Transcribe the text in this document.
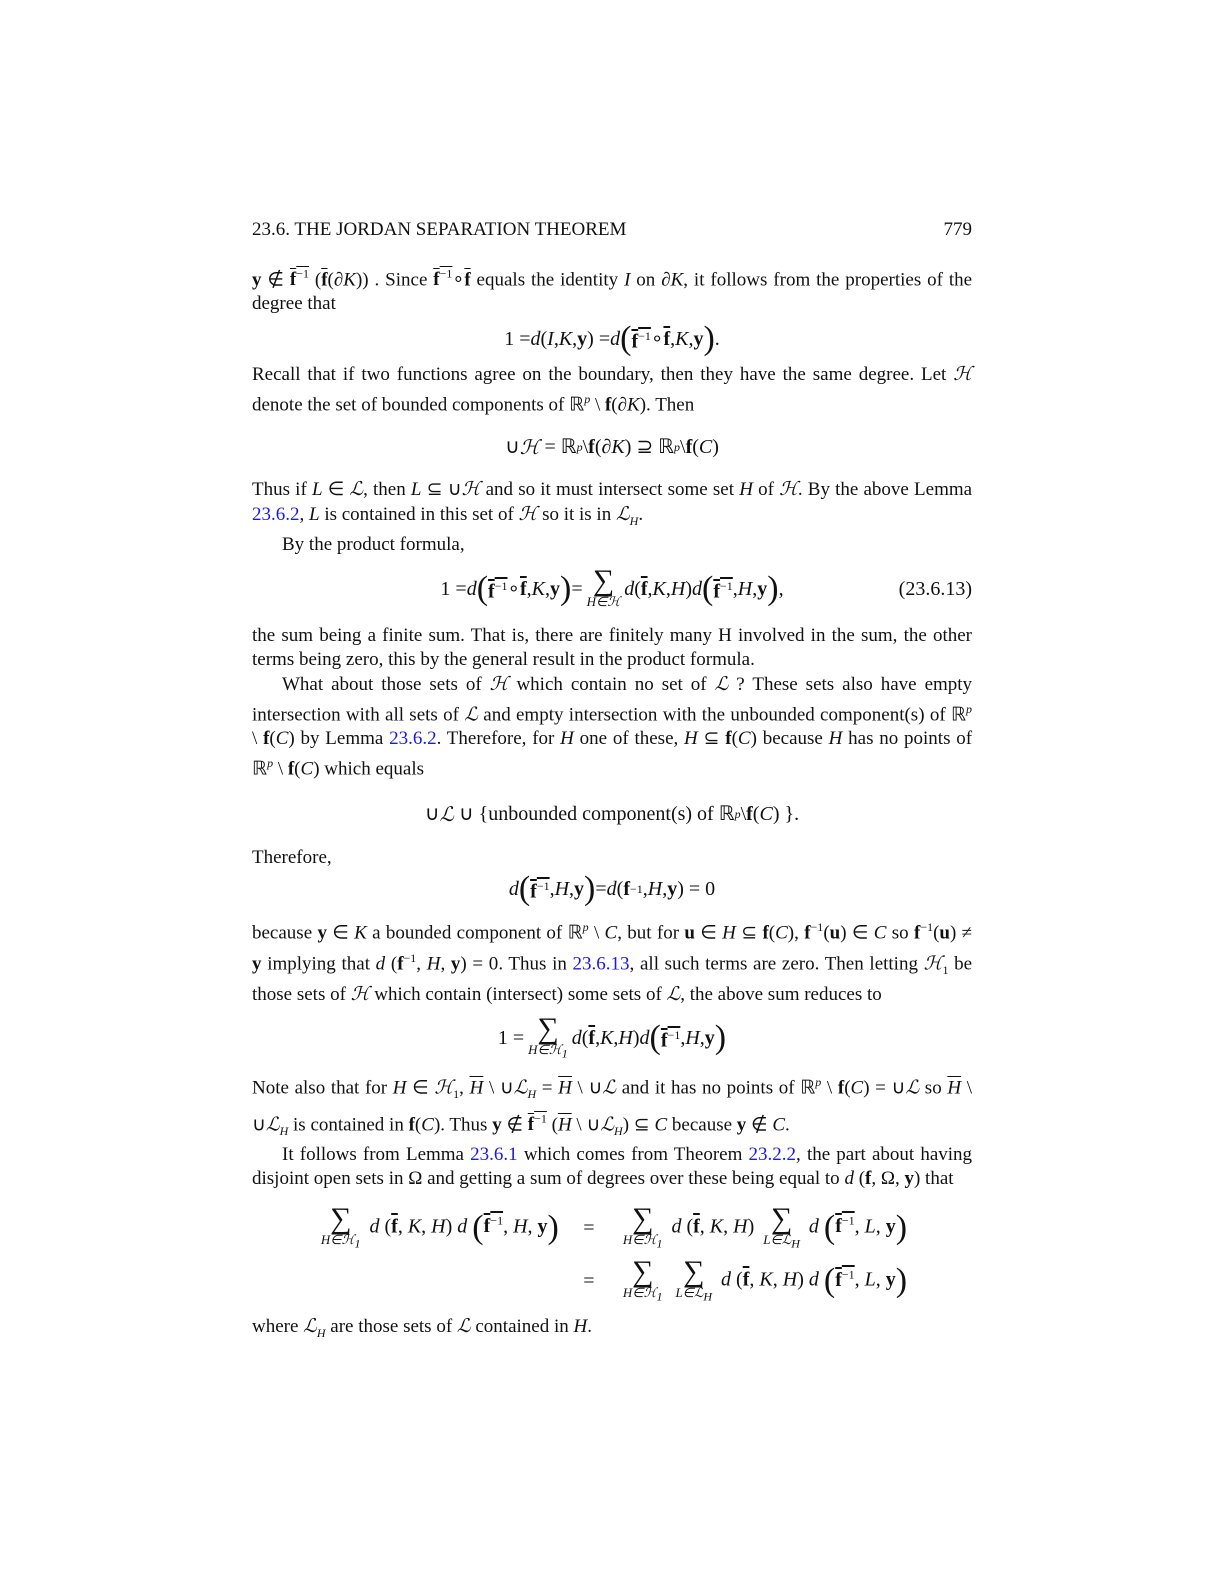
23.6. THE JORDAN SEPARATION THEOREM	779

y ∉ $f^{-1}$ $(\overline{f}(\partial K))$ . Since $f^{-1}\circ\overline{f}$ equals the identity I on ∂K, it follows from the properties of the degree that

1 = d ( I , K , y ) = d ( $f^{-1}$ ∘ $\overline{f}$ , K , y ) .

Recall that if two functions agree on the boundary, then they have the same degree. Let ℋ denote the set of bounded components of ℝ$^p$ \ f(∂K). Then

∪ ℋ = ℝ p \ f (∂ K ) ⊇ ℝ p \ f ( C )

Thus if L ∈ ℒ, then L ⊆ ∪ℋ and so it must intersect some set H of ℋ. By the above Lemma 23.6.2, L is contained in this set of ℋ so it is in ℒ$_H$.

By the product formula,

1 = d ( $f^{-1}$ ∘ $\overline{f}$ , K , y ) = ∑
H∈ℋ
d ( $\overline{f}$ , K , H ) d ( $f^{-1}$ , H , y ) ,	(23.6.13)

the sum being a finite sum. That is, there are finitely many H involved in the sum, the other terms being zero, this by the general result in the product formula.

What about those sets of ℋ which contain no set of ℒ ? These sets also have empty intersection with all sets of ℒ and empty intersection with the unbounded component(s) of ℝ$^p$ \ f(C) by Lemma 23.6.2. Therefore, for H one of these, H ⊆ f(C) because H has no points of ℝ$^p$ \ f(C) which equals

∪ ℒ ∪ { unbounded component(s) of ℝ p \ f ( C ) }.

Therefore,

d ( $f^{-1}$ , H , y ) = d ( f −1 , H , y ) = 0

because y ∈ K a bounded component of ℝ$^p$ \ C, but for u ∈ H ⊆ f(C), $f^{-1}(u)$ ∈ C so $f^{-1}(u) \ne y$ implying that d ($f^{-1}$, H, y) = 0. Thus in 23.6.13, all such terms are zero. Then letting ℋ$_1$ be those sets of ℋ which contain (intersect) some sets of ℒ, the above sum reduces to

1 = ∑
H∈ℋ$_1$
d ( $\overline{f}$ , K , H ) d ( $f^{-1}$ , H , y )

Note also that for H ∈ ℋ$_1$, $\overline{H}$ \ ∪ℒ$_H$ = $\overline{H}$ \ ∪ℒ and it has no points of ℝ$^p$ \ f(C) = ∪ℒ so $\overline{H}$ \ ∪ℒ$_H$ is contained in f(C). Thus y ∉ $f^{-1}$ ($\overline{H}$ \ ∪ℒ$_H$) ⊆ C because y ∉ C.

It follows from Lemma 23.6.1 which comes from Theorem 23.2.2, the part about having disjoint open sets in Ω and getting a sum of degrees over these being equal to d (f, Ω, y) that

∑
H∈ℋ$_1$
d ($\overline{f}$, K, H) d ($f^{-1}$, H, y)	=	∑
H∈ℋ$_1$
d ($\overline{f}$, K, H) ∑
L∈ℒ$_H$
d ($f^{-1}$, L, y)
=	∑
H∈ℋ$_1$

∑
L∈ℒ$_H$
d ($\overline{f}$, K, H) d ($f^{-1}$, L, y)

where ℒ$_H$ are those sets of ℒ contained in H.
